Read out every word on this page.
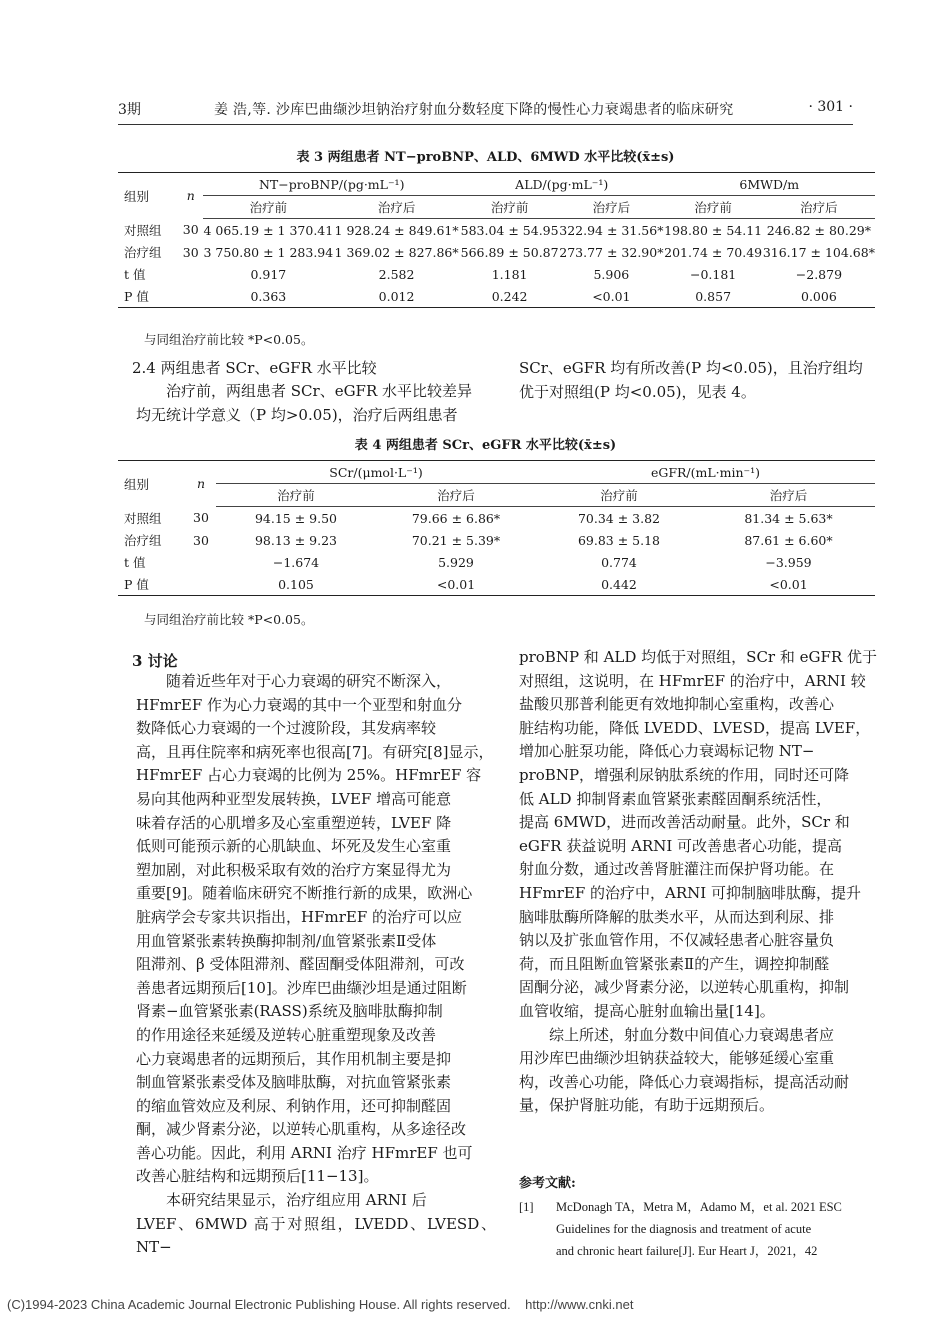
3期	姜 浩,等. 沙库巴曲缬沙坦钠治疗射血分数轻度下降的慢性心力衰竭患者的临床研究	· 301 ·
表 3 两组患者 NT−proBNP、ALD、6MWD 水平比较(x̄±s)
组别	n	NT−proBNP/(pg·mL⁻¹)		ALD/(pg·mL⁻¹)		6MWD/m	
		治疗前	治疗后	治疗前	治疗后	治疗前	治疗后
对照组	30	4 065.19 ± 1 370.41	1 928.24 ± 849.61*	583.04 ± 54.95	322.94 ± 31.56*	198.80 ± 54.11	246.82 ± 80.29*
治疗组	30	3 750.80 ± 1 283.94	1 369.02 ± 827.86*	566.89 ± 50.87	273.77 ± 32.90*	201.74 ± 70.49	316.17 ± 104.68*
t 值		0.917	2.582	1.181	5.906	−0.181	−2.879
P 值		0.363	0.012	0.242	<0.01	0.857	0.006
与同组治疗前比较 *P<0.05。
2.4 两组患者 SCr、eGFR 水平比较

治疗前，两组患者 SCr、eGFR 水平比较差异

均无统计学意义（P 均>0.05)，治疗后两组患者

SCr、eGFR 均有所改善(P 均<0.05)，且治疗组均

优于对照组(P 均<0.05)，见表 4。

表 4 两组患者 SCr、eGFR 水平比较(x̄±s)
组别	n	SCr/(μmol·L⁻¹)		eGFR/(mL·min⁻¹)	
		治疗前	治疗后	治疗前	治疗后
对照组	30	94.15 ± 9.50	79.66 ± 6.86*	70.34 ± 3.82	81.34 ± 5.63*
治疗组	30	98.13 ± 9.23	70.21 ± 5.39*	69.83 ± 5.18	87.61 ± 6.60*
t 值		−1.674	5.929	0.774	−3.959
P 值		0.105	<0.01	0.442	<0.01
与同组治疗前比较 *P<0.05。
3 讨论

随着近些年对于心力衰竭的研究不断深入，

HFmrEF 作为心力衰竭的其中一个亚型和射血分

数降低心力衰竭的一个过渡阶段，其发病率较

高，且再住院率和病死率也很高[7]。有研究[8]显示，

HFmrEF 占心力衰竭的比例为 25%。HFmrEF 容

易向其他两种亚型发展转换，LVEF 增高可能意

味着存活的心肌增多及心室重塑逆转，LVEF 降

低则可能预示新的心肌缺血、坏死及发生心室重

塑加剧，对此积极采取有效的治疗方案显得尤为

重要[9]。随着临床研究不断推行新的成果，欧洲心

脏病学会专家共识指出，HFmrEF 的治疗可以应

用血管紧张素转换酶抑制剂/血管紧张素Ⅱ受体

阻滞剂、β 受体阻滞剂、醛固酮受体阻滞剂，可改

善患者远期预后[10]。沙库巴曲缬沙坦是通过阻断

肾素−血管紧张素(RASS)系统及脑啡肽酶抑制

的作用途径来延缓及逆转心脏重塑现象及改善

心力衰竭患者的远期预后，其作用机制主要是抑

制血管紧张素受体及脑啡肽酶，对抗血管紧张素

的缩血管效应及利尿、利钠作用，还可抑制醛固

酮，减少肾素分泌，以逆转心肌重构，从多途径改

善心功能。因此，利用 ARNI 治疗 HFmrEF 也可

改善心脏结构和远期预后[11−13]。

本研究结果显示，治疗组应用 ARNI 后

LVEF、6MWD 高于对照组，LVEDD、LVESD、NT−

proBNP 和 ALD 均低于对照组，SCr 和 eGFR 优于

对照组，这说明，在 HFmrEF 的治疗中，ARNI 较

盐酸贝那普利能更有效地抑制心室重构，改善心

脏结构功能，降低 LVEDD、LVESD，提高 LVEF，

增加心脏泵功能，降低心力衰竭标记物 NT−

proBNP，增强利尿钠肽系统的作用，同时还可降

低 ALD 抑制肾素血管紧张素醛固酮系统活性，

提高 6MWD，进而改善活动耐量。此外，SCr 和

eGFR 获益说明 ARNI 可改善患者心功能，提高

射血分数，通过改善肾脏灌注而保护肾功能。在

HFmrEF 的治疗中，ARNI 可抑制脑啡肽酶，提升

脑啡肽酶所降解的肽类水平，从而达到利尿、排

钠以及扩张血管作用，不仅减轻患者心脏容量负

荷，而且阻断血管紧张素Ⅱ的产生，调控抑制醛

固酮分泌，减少肾素分泌，以逆转心肌重构，抑制

血管收缩，提高心脏射血输出量[14]。

综上所述，射血分数中间值心力衰竭患者应

用沙库巴曲缬沙坦钠获益较大，能够延缓心室重

构，改善心功能，降低心力衰竭指标，提高活动耐

量，保护肾脏功能，有助于远期预后。

参考文献:
[1]	McDonagh TA，Metra M，Adamo M，et al. 2021 ESC
Guidelines for the diagnosis and treatment of acute
and chronic heart failure[J]. Eur Heart J，2021，42
(C)1994-2023 China Academic Journal Electronic Publishing House. All rights reserved.    http://www.cnki.net
